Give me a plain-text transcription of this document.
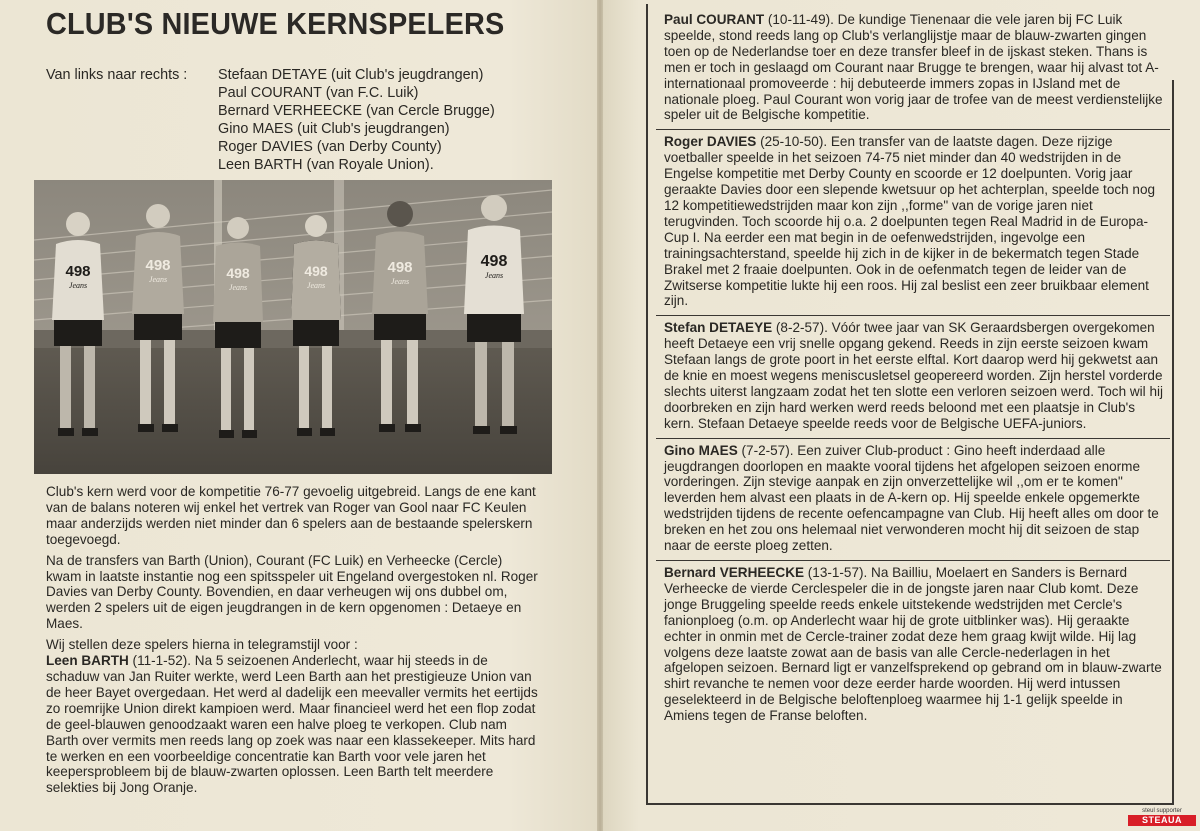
CLUB'S NIEUWE KERNSPELERS
Van links naar rechts : Stefaan DETAYE (uit Club's jeugdrangen)
Paul COURANT (van F.C. Luik)
Bernard VERHEECKE (van Cercle Brugge)
Gino MAES (uit Club's jeugdrangen)
Roger DAVIES (van Derby County)
Leen BARTH (van Royale Union).
498
Jeans
498
Jeans	498
Jeans
498
Jeans
498
Jeans
498
Jeans

Club's kern werd voor de kompetitie 76-77 gevoelig uitgebreid. Langs de ene kant van de balans noteren wij enkel het vertrek van Roger van Gool naar FC Keulen maar anderzijds werden niet minder dan 6 spelers aan de bestaande spelerskern toegevoegd.

Na de transfers van Barth (Union), Courant (FC Luik) en Verheecke (Cercle) kwam in laatste instantie nog een spitsspeler uit Engeland overgestoken nl. Roger Davies van Derby County. Bovendien, en daar verheugen wij ons dubbel om, werden 2 spelers uit de eigen jeugdrangen in de kern opgenomen : Detaeye en Maes.

Wij stellen deze spelers hierna in telegramstijl voor :

Leen BARTH (11-1-52). Na 5 seizoenen Anderlecht, waar hij steeds in de schaduw van Jan Ruiter werkte, werd Leen Barth aan het prestigieuze Union van de heer Bayet overgedaan. Het werd al dadelijk een meevaller vermits het eertijds zo roemrijke Union direkt kampioen werd. Maar financieel werd het een flop zodat de geel-blauwen genoodzaakt waren een halve ploeg te verkopen. Club nam Barth over vermits men reeds lang op zoek was naar een klassekeeper. Mits hard te werken en een voorbeeldige concentratie kan Barth voor vele jaren het keepersprobleem bij de blauw-zwarten oplossen. Leen Barth telt meerdere selekties bij Jong Oranje.

Paul COURANT (10-11-49). De kundige Tienenaar die vele jaren bij FC Luik speelde, stond reeds lang op Club's verlanglijstje maar de blauw-zwarten gingen toen op de Nederlandse toer en deze transfer bleef in de ijskast steken. Thans is men er toch in geslaagd om Courant naar Brugge te brengen, waar hij alvast tot A-internationaal promoveerde : hij debuteerde immers zopas in IJsland met de nationale ploeg. Paul Courant won vorig jaar de trofee van de meest verdienstelijke speler uit de Belgische kompetitie.

Roger DAVIES (25-10-50). Een transfer van de laatste dagen. Deze rijzige voetballer speelde in het seizoen 74-75 niet minder dan 40 wedstrijden in de Engelse kompetitie met Derby County en scoorde er 12 doelpunten. Vorig jaar geraakte Davies door een slepende kwetsuur op het achterplan, speelde toch nog 12 kompetitiewedstrijden maar kon zijn ,,forme" van de vorige jaren niet terugvinden. Toch scoorde hij o.a. 2 doelpunten tegen Real Madrid in de Europa-Cup I. Na eerder een mat begin in de oefenwedstrijden, ingevolge een trainingsachterstand, speelde hij zich in de kijker in de bekermatch tegen Stade Brakel met 2 fraaie doelpunten. Ook in de oefenmatch tegen de leider van de Zwitserse kompetitie lukte hij een roos. Hij zal beslist een zeer bruikbaar element zijn.

Stefan DETAEYE (8-2-57). Vóór twee jaar van SK Geraardsbergen overgekomen heeft Detaeye een vrij snelle opgang gekend. Reeds in zijn eerste seizoen kwam Stefaan langs de grote poort in het eerste elftal. Kort daarop werd hij gekwetst aan de knie en moest wegens meniscusletsel geopereerd worden. Zijn herstel vorderde slechts uiterst langzaam zodat het ten slotte een verloren seizoen werd. Toch wil hij doorbreken en zijn hard werken werd reeds beloond met een plaatsje in Club's kern. Stefaan Detaeye speelde reeds voor de Belgische UEFA-juniors.

Gino MAES (7-2-57). Een zuiver Club-product : Gino heeft inderdaad alle jeugdrangen doorlopen en maakte vooral tijdens het afgelopen seizoen enorme vorderingen. Zijn stevige aanpak en zijn onverzettelijke wil ,,om er te komen" leverden hem alvast een plaats in de A-kern op. Hij speelde enkele opgemerkte wedstrijden tijdens de recente oefencampagne van Club. Hij heeft alles om door te breken en het zou ons helemaal niet verwonderen mocht hij dit seizoen de stap naar de eerste ploeg zetten.

Bernard VERHEECKE (13-1-57). Na Bailliu, Moelaert en Sanders is Bernard Verheecke de vierde Cerclespeler die in de jongste jaren naar Club komt. Deze jonge Bruggeling speelde reeds enkele uitstekende wedstrijden met Cercle's fanionploeg (o.m. op Anderlecht waar hij de grote uitblinker was). Hij geraakte echter in onmin met de Cercle-trainer zodat deze hem graag kwijt wilde. Hij lag volgens deze laatste zowat aan de basis van alle Cercle-nederlagen in het afgelopen seizoen. Bernard ligt er vanzelfsprekend op gebrand om in blauw-zwarte shirt revanche te nemen voor deze eerder harde woorden. Hij werd intussen geselekteerd in de Belgische beloftenploeg waarmee hij 1-1 gelijk speelde in Amiens tegen de Franse beloften.

steul supporter
STEAUA
